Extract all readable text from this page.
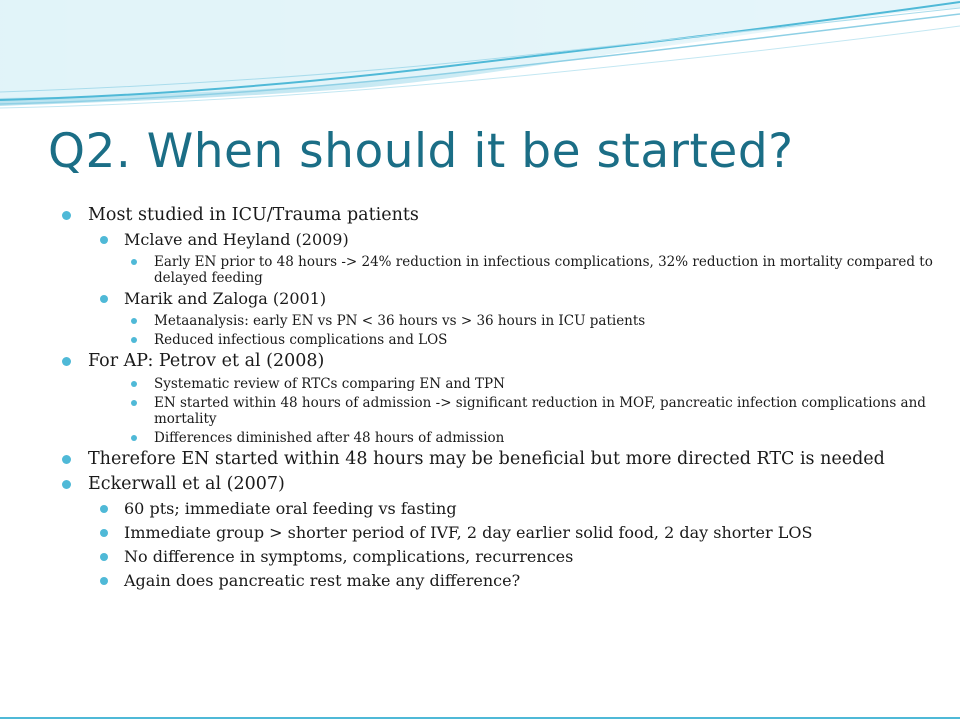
Q2. When should it be started?
Most studied in ICU/Trauma patients
Mclave and Heyland (2009)
Early EN prior to 48 hours -> 24% reduction in infectious complications, 32% reduction in mortality compared to delayed feeding
Marik and Zaloga (2001)
Metaanalysis: early EN vs PN < 36 hours vs > 36 hours in ICU patients
Reduced infectious complications and LOS
For AP: Petrov et al (2008)
Systematic review of RTCs comparing EN and TPN
EN started within 48 hours of admission -> significant reduction in MOF, pancreatic infection complications and mortality
Differences diminished after 48 hours of admission
Therefore EN started within 48 hours may be beneficial but more directed RTC is needed
Eckerwall et al (2007)
60 pts; immediate oral feeding vs fasting
Immediate group > shorter period of IVF, 2 day earlier solid food, 2 day shorter LOS
No difference in symptoms, complications, recurrences
Again does pancreatic rest make any difference?
